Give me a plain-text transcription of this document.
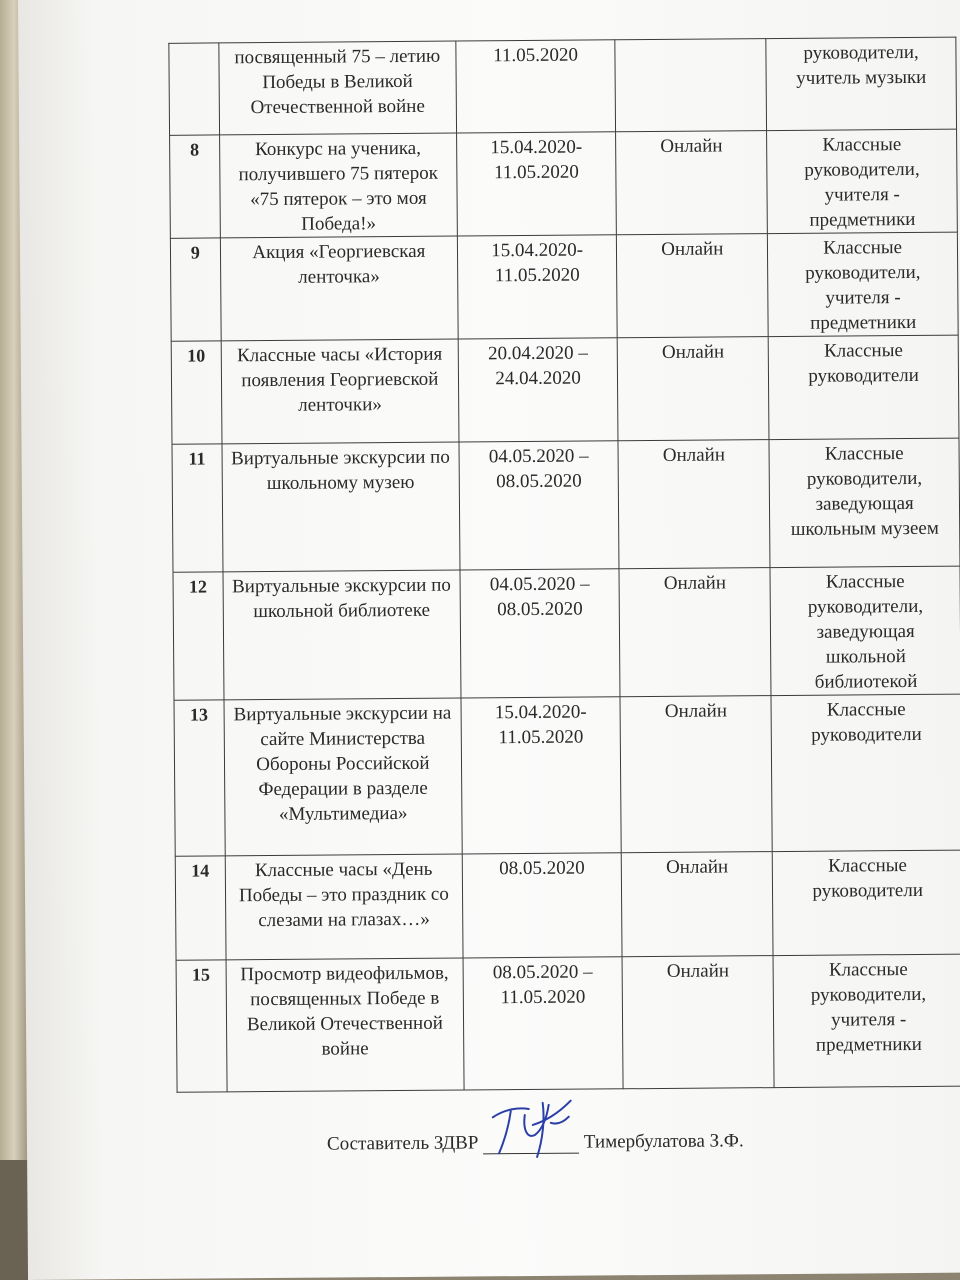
	посвященный 75 – летию Победы в Великой Отечественной войне	11.05.2020		руководители, учитель музыки
8	Конкурс на ученика, получившего 75 пятерок «75 пятерок – это моя Победа!»	15.04.2020- 11.05.2020	Онлайн	Классные руководители, учителя - предметники
9	Акция «Георгиевская ленточка»	15.04.2020- 11.05.2020	Онлайн	Классные руководители, учителя - предметники
10	Классные часы «История появления Георгиевской ленточки»	20.04.2020 – 24.04.2020	Онлайн	Классные руководители
11	Виртуальные экскурсии по школьному музею	04.05.2020 – 08.05.2020	Онлайн	Классные руководители, заведующая школьным музеем
12	Виртуальные экскурсии по школьной библиотеке	04.05.2020 – 08.05.2020	Онлайн	Классные руководители, заведующая школьной библиотекой
13	Виртуальные экскурсии на сайте Министерства Обороны Российской Федерации в разделе «Мультимедиа»	15.04.2020- 11.05.2020	Онлайн	Классные руководители
14	Классные часы «День Победы – это праздник со слезами на глазах…»	08.05.2020	Онлайн	Классные руководители
15	Просмотр видеофильмов, посвященных Победе в Великой Отечественной войне	08.05.2020 – 11.05.2020	Онлайн	Классные руководители, учителя - предметники
Составитель ЗДВР	Тимербулатова З.Ф.
